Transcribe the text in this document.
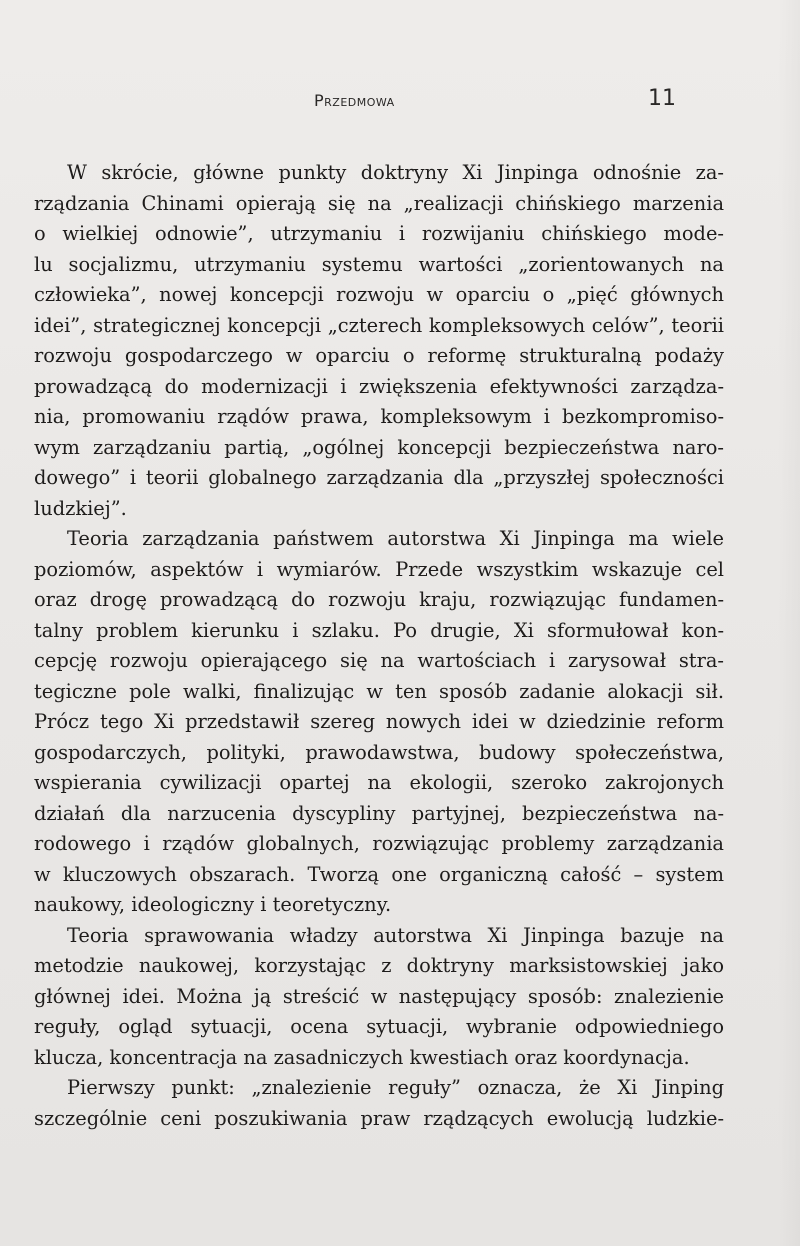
Przedmowa	11

W skrócie, główne punkty doktryny Xi Jinpinga odnośnie za-
rządzania Chinami opierają się na „realizacji chińskiego marzenia
o wielkiej odnowie”, utrzymaniu i rozwijaniu chińskiego mode-
lu socjalizmu, utrzymaniu systemu wartości „zorientowanych na
człowieka”, nowej koncepcji rozwoju w oparciu o „pięć głównych
idei”, strategicznej koncepcji „czterech kompleksowych celów”, teorii
rozwoju gospodarczego w oparciu o reformę strukturalną podaży
prowadzącą do modernizacji i zwiększenia efektywności zarządza-
nia, promowaniu rządów prawa, kompleksowym i bezkompromiso-
wym zarządzaniu partią, „ogólnej koncepcji bezpieczeństwa naro-
dowego” i teorii globalnego zarządzania dla „przyszłej społeczności
ludzkiej”.

Teoria zarządzania państwem autorstwa Xi Jinpinga ma wiele
poziomów, aspektów i wymiarów. Przede wszystkim wskazuje cel
oraz drogę prowadzącą do rozwoju kraju, rozwiązując fundamen-
talny problem kierunku i szlaku. Po drugie, Xi sformułował kon-
cepcję rozwoju opierającego się na wartościach i zarysował stra-
tegiczne pole walki, finalizując w ten sposób zadanie alokacji sił.
Prócz tego Xi przedstawił szereg nowych idei w dziedzinie reform
gospodarczych, polityki, prawodawstwa, budowy społeczeństwa,
wspierania cywilizacji opartej na ekologii, szeroko zakrojonych
działań dla narzucenia dyscypliny partyjnej, bezpieczeństwa na-
rodowego i rządów globalnych, rozwiązując problemy zarządzania
w kluczowych obszarach. Tworzą one organiczną całość – system
naukowy, ideologiczny i teoretyczny.

Teoria sprawowania władzy autorstwa Xi Jinpinga bazuje na
metodzie naukowej, korzystając z doktryny marksistowskiej jako
głównej idei. Można ją streścić w następujący sposób: znalezienie
reguły, ogląd sytuacji, ocena sytuacji, wybranie odpowiedniego
klucza, koncentracja na zasadniczych kwestiach oraz koordynacja.

Pierwszy punkt: „znalezienie reguły” oznacza, że Xi Jinping
szczególnie ceni poszukiwania praw rządzących ewolucją ludzkie-
